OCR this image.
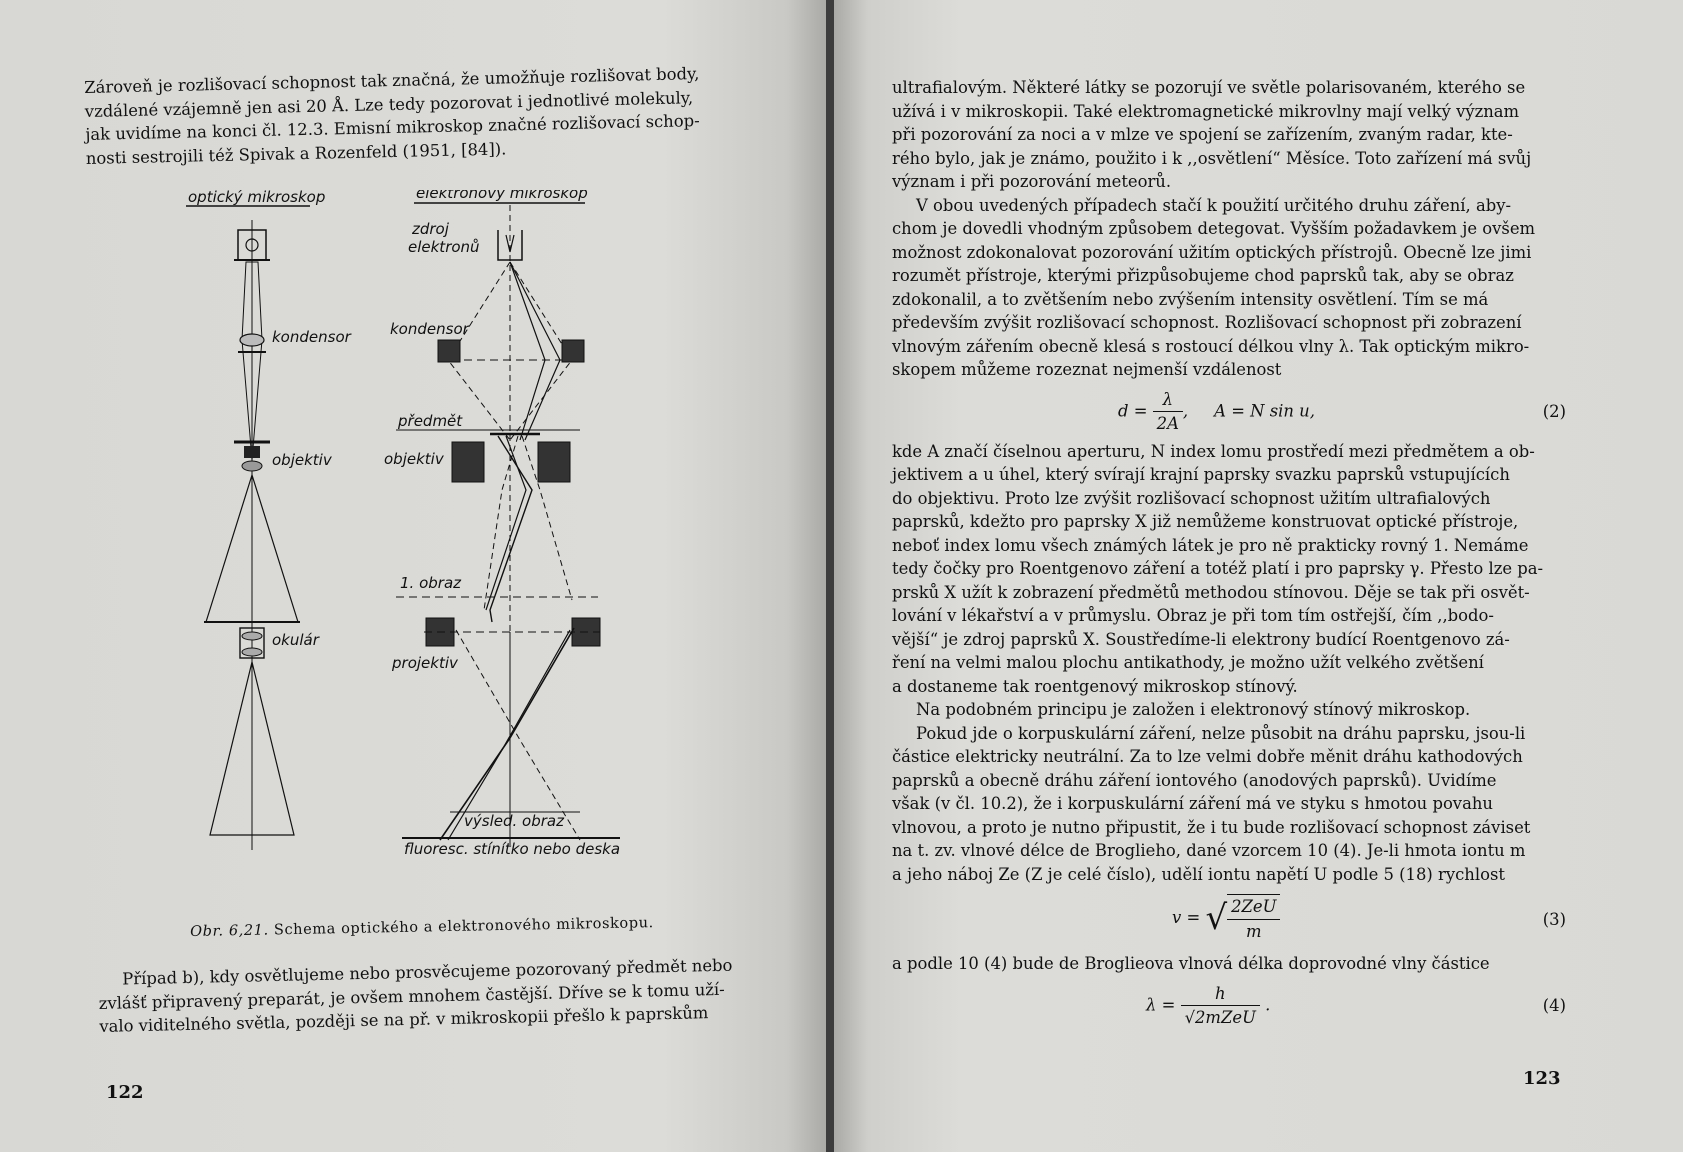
Zároveň je rozlišovací schopnost tak značná, že umožňuje rozlišovat body,

vzdálené vzájemně jen asi 20 Å. Lze tedy pozorovat i jednotlivé molekuly,

jak uvidíme na konci čl. 12.3. Emisní mikroskop značné rozlišovací schop-

nosti sestrojili též Spivak a Rozenfeld (1951, [84]).

optický mikroskop	elektronový mikroskop
kondensor
objektiv
okulár
zdroj
elektronů
kondensor
předmět
objektiv
1. obraz
projektiv
výsled. obraz
fluoresc. stínítko nebo deska
Obr. 6,21. Schema optického a elektronového mikroskopu.

Případ b), kdy osvětlujeme nebo prosvěcujeme pozorovaný předmět nebo

zvlášť připravený preparát, je ovšem mnohem častější. Dříve se k tomu uží-

valo viditelného světla, později se na př. v mikroskopii přešlo k paprskům

122

ultrafialovým. Některé látky se pozorují ve světle polarisovaném, kterého se

užívá i v mikroskopii. Také elektromagnetické mikrovlny mají velký význam

při pozorování za noci a v mlze ve spojení se zařízením, zvaným radar, kte-

rého bylo, jak je známo, použito i k ,,osvětlení“ Měsíce. Toto zařízení má svůj

význam i při pozorování meteorů.

V obou uvedených případech stačí k použití určitého druhu záření, aby-

chom je dovedli vhodným způsobem detegovat. Vyšším požadavkem je ovšem

možnost zdokonalovat pozorování užitím optických přístrojů. Obecně lze jimi

rozumět přístroje, kterými přizpůsobujeme chod paprsků tak, aby se obraz

zdokonalil, a to zvětšením nebo zvýšením intensity osvětlení. Tím se má

především zvýšit rozlišovací schopnost. Rozlišovací schopnost při zobrazení

vlnovým zářením obecně klesá s rostoucí délkou vlny λ. Tak optickým mikro-

skopem můžeme rozeznat nejmenší vzdálenost

$d = \frac{\lambda}{2A}$ ,     A = N sin u,	(2)

kde A značí číselnou aperturu, N index lomu prostředí mezi předmětem a ob-

jektivem a u úhel, který svírají krajní paprsky svazku paprsků vstupujících

do objektivu. Proto lze zvýšit rozlišovací schopnost užitím ultrafialových

paprsků, kdežto pro paprsky X již nemůžeme konstruovat optické přístroje,

neboť index lomu všech známých látek je pro ně prakticky rovný 1. Nemáme

tedy čočky pro Roentgenovo záření a totéž platí i pro paprsky γ. Přesto lze pa-

prsků X užít k zobrazení předmětů methodou stínovou. Děje se tak při osvět-

lování v lékařství a v průmyslu. Obraz je při tom tím ostřejší, čím ,,bodo-

vější“ je zdroj paprsků X. Soustředíme-li elektrony budící Roentgenovo zá-

ření na velmi malou plochu antikathody, je možno užít velkého zvětšení

a dostaneme tak roentgenový mikroskop stínový.

Na podobném principu je založen i elektronový stínový mikroskop.

Pokud jde o korpuskulární záření, nelze působit na dráhu paprsku, jsou-li

částice elektricky neutrální. Za to lze velmi dobře měnit dráhu kathodových

paprsků a obecně dráhu záření iontového (anodových paprsků). Uvidíme

však (v čl. 10.2), že i korpuskulární záření má ve styku s hmotou povahu

vlnovou, a proto je nutno připustit, že i tu bude rozlišovací schopnost záviset

na t. zv. vlnové délce de Broglieho, dané vzorcem 10 (4). Je-li hmota iontu m

a jeho náboj Ze (Z je celé číslo), udělí iontu napětí U podle 5 (18) rychlost

v = √ $\frac{\text{2ZeU}}{m}$	(3)

a podle 10 (4) bude de Broglieova vlnová délka doprovodné vlny částice

$\lambda = \frac{h}{\text{√2mZeU}}$ .	(4)
123
